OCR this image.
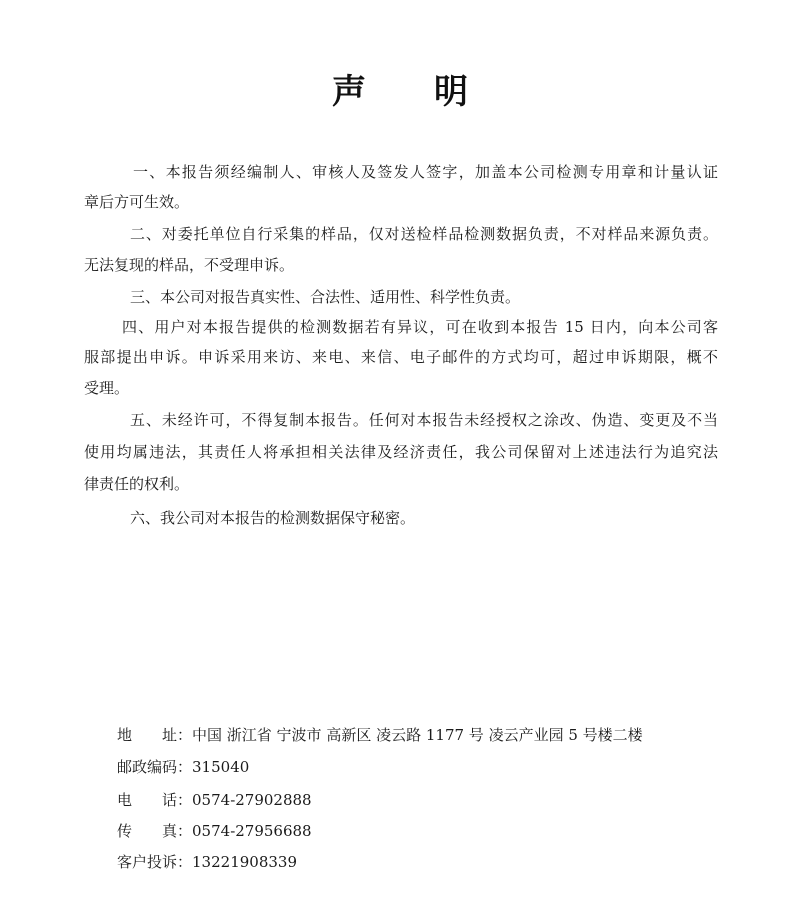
声　　明
一、本报告须经编制人、审核人及签发人签字，加盖本公司检测专用章和计量认证
章后方可生效。
二、对委托单位自行采集的样品，仅对送检样品检测数据负责，不对样品来源负责。
无法复现的样品，不受理申诉。
三、本公司对报告真实性、合法性、适用性、科学性负责。
四、用户对本报告提供的检测数据若有异议，可在收到本报告 15 日内，向本公司客
服部提出申诉。申诉采用来访、来电、来信、电子邮件的方式均可，超过申诉期限，概不
受理。
五、未经许可，不得复制本报告。任何对本报告未经授权之涂改、伪造、变更及不当
使用均属违法，其责任人将承担相关法律及经济责任，我公司保留对上述违法行为追究法
律责任的权利。
六、我公司对本报告的检测数据保守秘密。
地　　址：中国 浙江省 宁波市 高新区 凌云路 1177 号 凌云产业园 5 号楼二楼
邮政编码：315040
电　　话：0574-27902888
传　　真：0574-27956688
客户投诉：13221908339
